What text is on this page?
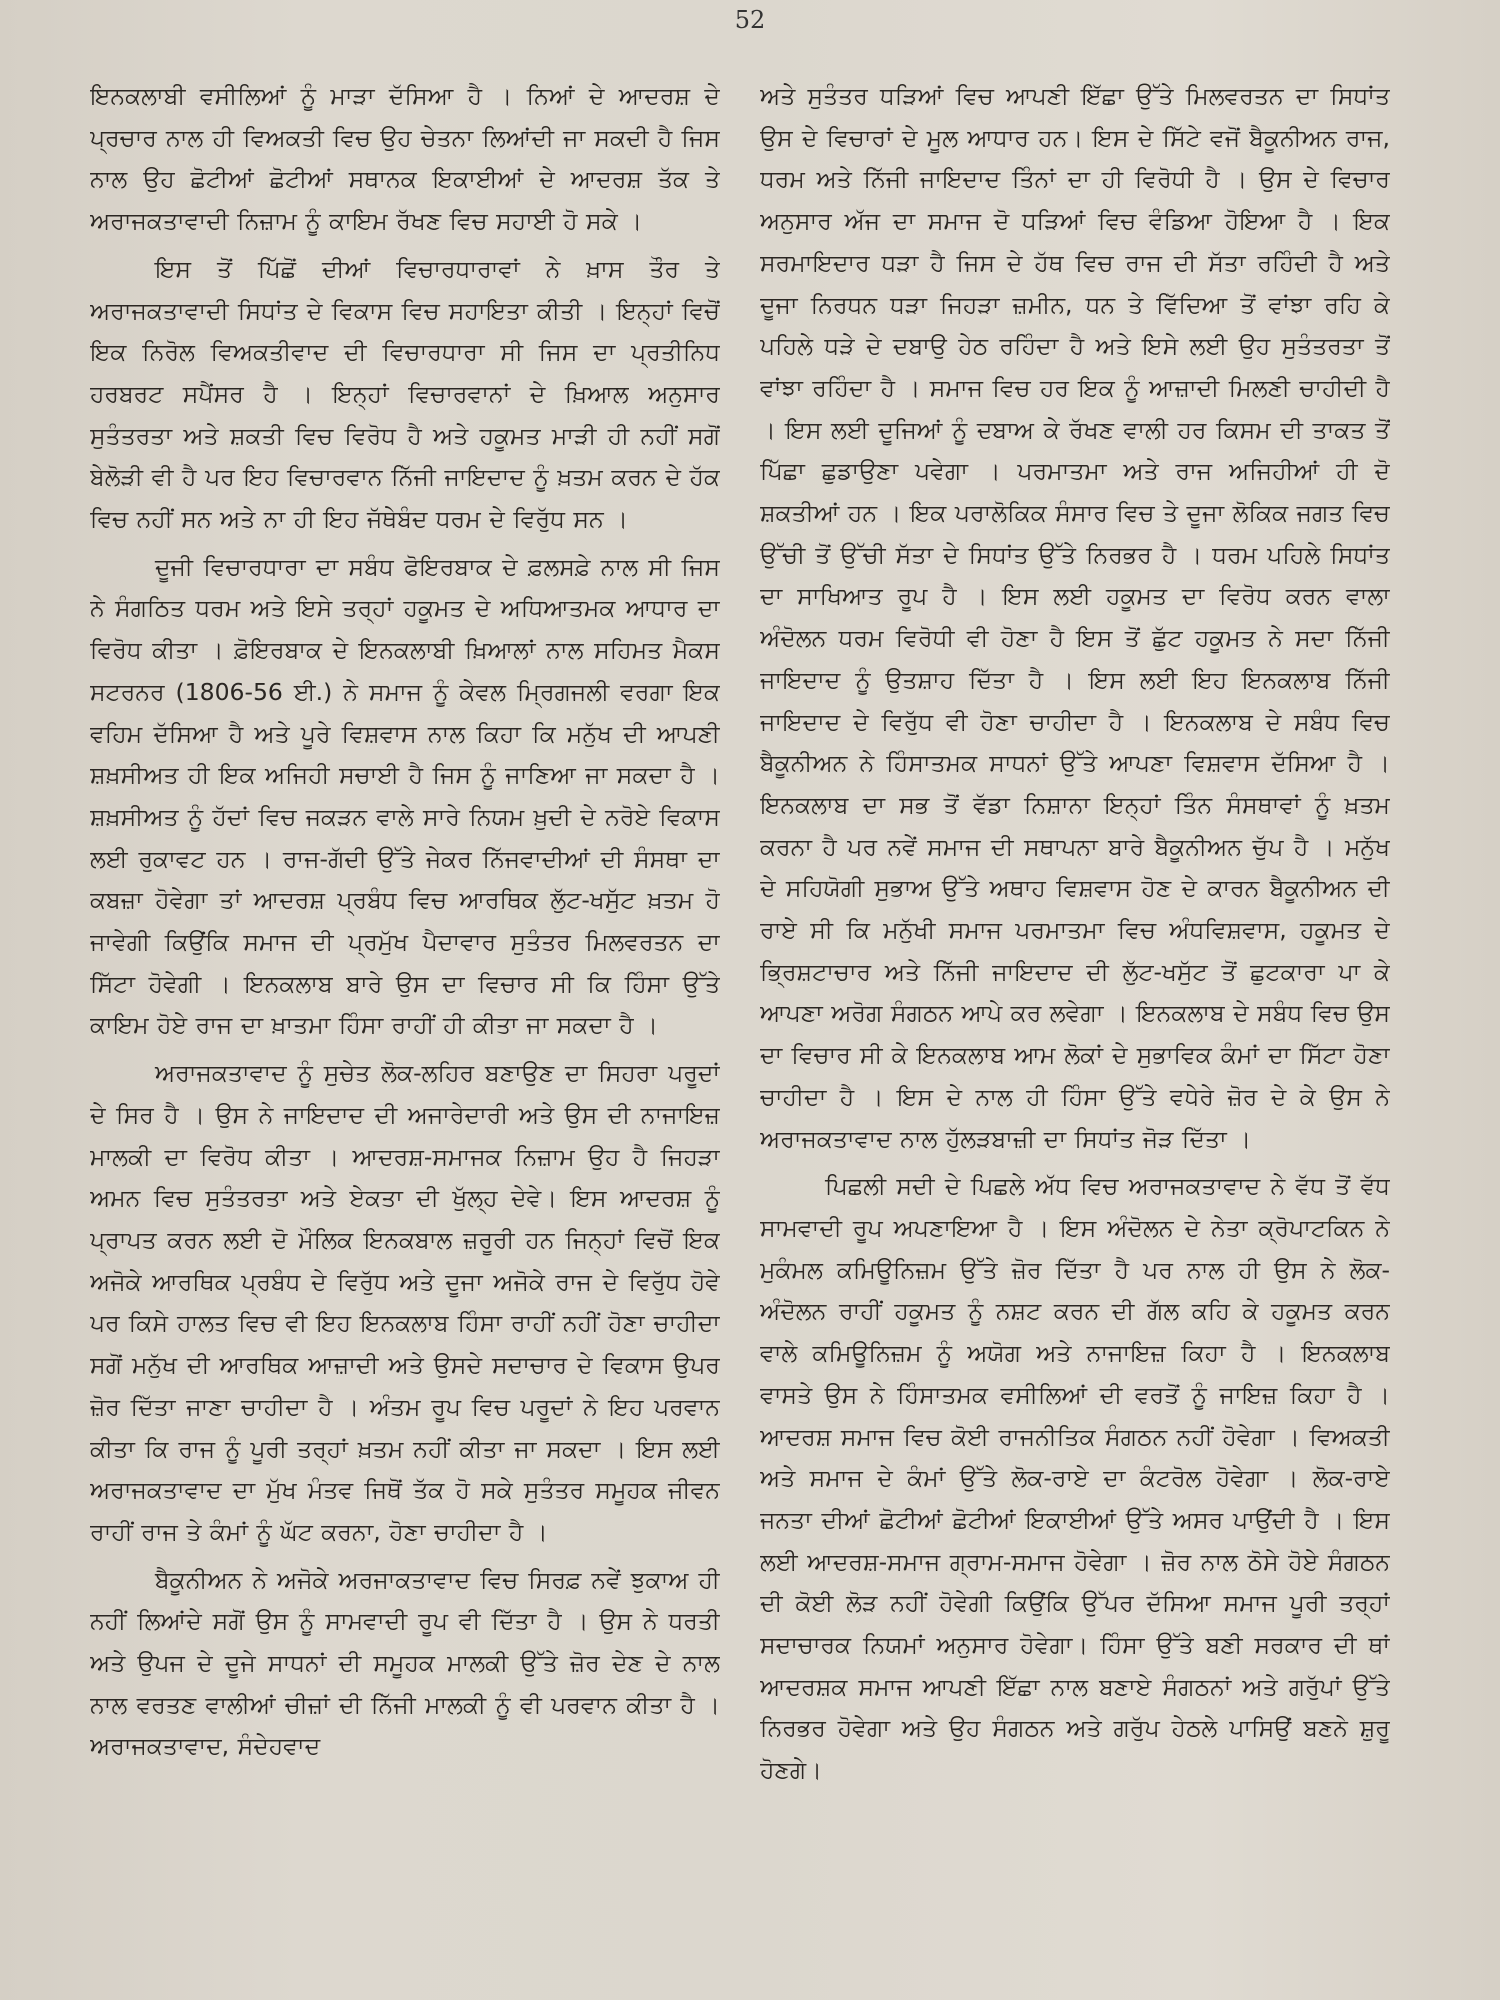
52

ਇਨਕਲਾਬੀ ਵਸੀਲਿਆਂ ਨੂੰ ਮਾੜਾ ਦੱਸਿਆ ਹੈ । ਨਿਆਂ ਦੇ ਆਦਰਸ਼ ਦੇ ਪ੍ਰਚਾਰ ਨਾਲ ਹੀ ਵਿਅਕਤੀ ਵਿਚ ਉਹ ਚੇਤਨਾ ਲਿਆਂਦੀ ਜਾ ਸਕਦੀ ਹੈ ਜਿਸ ਨਾਲ ਉਹ ਛੋਟੀਆਂ ਛੋਟੀਆਂ ਸਥਾਨਕ ਇਕਾਈਆਂ ਦੇ ਆਦਰਸ਼ ਤੱਕ ਤੇ ਅਰਾਜਕਤਾਵਾਦੀ ਨਿਜ਼ਾਮ ਨੂੰ ਕਾਇਮ ਰੱਖਣ ਵਿਚ ਸਹਾਈ ਹੋ ਸਕੇ ।

ਇਸ ਤੋਂ ਪਿੱਛੋਂ ਦੀਆਂ ਵਿਚਾਰਧਾਰਾਵਾਂ ਨੇ ਖ਼ਾਸ ਤੌਰ ਤੇ ਅਰਾਜਕਤਾਵਾਦੀ ਸਿਧਾਂਤ ਦੇ ਵਿਕਾਸ ਵਿਚ ਸਹਾਇਤਾ ਕੀਤੀ । ਇਨ੍ਹਾਂ ਵਿਚੋਂ ਇਕ ਨਿਰੋਲ ਵਿਅਕਤੀਵਾਦ ਦੀ ਵਿਚਾਰਧਾਰਾ ਸੀ ਜਿਸ ਦਾ ਪ੍ਰਤੀਨਿਧ ਹਰਬਰਟ ਸਪੈਂਸਰ ਹੈ । ਇਨ੍ਹਾਂ ਵਿਚਾਰਵਾਨਾਂ ਦੇ ਖ਼ਿਆਲ ਅਨੁਸਾਰ ਸੁਤੰਤਰਤਾ ਅਤੇ ਸ਼ਕਤੀ ਵਿਚ ਵਿਰੋਧ ਹੈ ਅਤੇ ਹਕੂਮਤ ਮਾੜੀ ਹੀ ਨਹੀਂ ਸਗੋਂ ਬੇਲੋੜੀ ਵੀ ਹੈ ਪਰ ਇਹ ਵਿਚਾਰਵਾਨ ਨਿੱਜੀ ਜਾਇਦਾਦ ਨੂੰ ਖ਼ਤਮ ਕਰਨ ਦੇ ਹੱਕ ਵਿਚ ਨਹੀਂ ਸਨ ਅਤੇ ਨਾ ਹੀ ਇਹ ਜੱਥੇਬੰਦ ਧਰਮ ਦੇ ਵਿਰੁੱਧ ਸਨ ।

ਦੂਜੀ ਵਿਚਾਰਧਾਰਾ ਦਾ ਸਬੰਧ ਫੋਇਰਬਾਕ ਦੇ ਫ਼ਲਸਫ਼ੇ ਨਾਲ ਸੀ ਜਿਸ ਨੇ ਸੰਗਠਿਤ ਧਰਮ ਅਤੇ ਇਸੇ ਤਰ੍ਹਾਂ ਹਕੂਮਤ ਦੇ ਅਧਿਆਤਮਕ ਆਧਾਰ ਦਾ ਵਿਰੋਧ ਕੀਤਾ । ਫ਼ੋਇਰਬਾਕ ਦੇ ਇਨਕਲਾਬੀ ਖ਼ਿਆਲਾਂ ਨਾਲ ਸਹਿਮਤ ਮੈਕਸ ਸਟਰਨਰ (1806-56 ਈ.) ਨੇ ਸਮਾਜ ਨੂੰ ਕੇਵਲ ਮ੍ਰਿਗਜਲੀ ਵਰਗਾ ਇਕ ਵਹਿਮ ਦੱਸਿਆ ਹੈ ਅਤੇ ਪੂਰੇ ਵਿਸ਼ਵਾਸ ਨਾਲ ਕਿਹਾ ਕਿ ਮਨੁੱਖ ਦੀ ਆਪਣੀ ਸ਼ਖ਼ਸੀਅਤ ਹੀ ਇਕ ਅਜਿਹੀ ਸਚਾਈ ਹੈ ਜਿਸ ਨੂੰ ਜਾਣਿਆ ਜਾ ਸਕਦਾ ਹੈ । ਸ਼ਖ਼ਸੀਅਤ ਨੂੰ ਹੱਦਾਂ ਵਿਚ ਜਕੜਨ ਵਾਲੇ ਸਾਰੇ ਨਿਯਮ ਖ਼ੁਦੀ ਦੇ ਨਰੋਏ ਵਿਕਾਸ ਲਈ ਰੁਕਾਵਟ ਹਨ । ਰਾਜ-ਗੱਦੀ ਉੱਤੇ ਜੇਕਰ ਨਿੱਜਵਾਦੀਆਂ ਦੀ ਸੰਸਥਾ ਦਾ ਕਬਜ਼ਾ ਹੋਵੇਗਾ ਤਾਂ ਆਦਰਸ਼ ਪ੍ਰਬੰਧ ਵਿਚ ਆਰਥਿਕ ਲੁੱਟ-ਖਸੁੱਟ ਖ਼ਤਮ ਹੋ ਜਾਵੇਗੀ ਕਿਉਂਕਿ ਸਮਾਜ ਦੀ ਪ੍ਰਮੁੱਖ ਪੈਦਾਵਾਰ ਸੁਤੰਤਰ ਮਿਲਵਰਤਨ ਦਾ ਸਿੱਟਾ ਹੋਵੇਗੀ । ਇਨਕਲਾਬ ਬਾਰੇ ਉਸ ਦਾ ਵਿਚਾਰ ਸੀ ਕਿ ਹਿੰਸਾ ਉੱਤੇ ਕਾਇਮ ਹੋਏ ਰਾਜ ਦਾ ਖ਼ਾਤਮਾ ਹਿੰਸਾ ਰਾਹੀਂ ਹੀ ਕੀਤਾ ਜਾ ਸਕਦਾ ਹੈ ।

ਅਰਾਜਕਤਾਵਾਦ ਨੂੰ ਸੁਚੇਤ ਲੋਕ-ਲਹਿਰ ਬਣਾਉਣ ਦਾ ਸਿਹਰਾ ਪਰੂਦਾਂ ਦੇ ਸਿਰ ਹੈ । ਉਸ ਨੇ ਜਾਇਦਾਦ ਦੀ ਅਜਾਰੇਦਾਰੀ ਅਤੇ ਉਸ ਦੀ ਨਾਜਾਇਜ਼ ਮਾਲਕੀ ਦਾ ਵਿਰੋਧ ਕੀਤਾ । ਆਦਰਸ਼-ਸਮਾਜਕ ਨਿਜ਼ਾਮ ਉਹ ਹੈ ਜਿਹੜਾ ਅਮਨ ਵਿਚ ਸੁਤੰਤਰਤਾ ਅਤੇ ਏਕਤਾ ਦੀ ਖੁੱਲ੍ਹ ਦੇਵੇ। ਇਸ ਆਦਰਸ਼ ਨੂੰ ਪ੍ਰਾਪਤ ਕਰਨ ਲਈ ਦੋ ਮੌਲਿਕ ਇਨਕਬਾਲ ਜ਼ਰੂਰੀ ਹਨ ਜਿਨ੍ਹਾਂ ਵਿਚੋਂ ਇਕ ਅਜੋਕੇ ਆਰਥਿਕ ਪ੍ਰਬੰਧ ਦੇ ਵਿਰੁੱਧ ਅਤੇ ਦੂਜਾ ਅਜੋਕੇ ਰਾਜ ਦੇ ਵਿਰੁੱਧ ਹੋਵੇ ਪਰ ਕਿਸੇ ਹਾਲਤ ਵਿਚ ਵੀ ਇਹ ਇਨਕਲਾਬ ਹਿੰਸਾ ਰਾਹੀਂ ਨਹੀਂ ਹੋਣਾ ਚਾਹੀਦਾ ਸਗੋਂ ਮਨੁੱਖ ਦੀ ਆਰਥਿਕ ਆਜ਼ਾਦੀ ਅਤੇ ਉਸਦੇ ਸਦਾਚਾਰ ਦੇ ਵਿਕਾਸ ਉਪਰ ਜ਼ੋਰ ਦਿੱਤਾ ਜਾਣਾ ਚਾਹੀਦਾ ਹੈ । ਅੰਤਮ ਰੂਪ ਵਿਚ ਪਰੂਦਾਂ ਨੇ ਇਹ ਪਰਵਾਨ ਕੀਤਾ ਕਿ ਰਾਜ ਨੂੰ ਪੂਰੀ ਤਰ੍ਹਾਂ ਖ਼ਤਮ ਨਹੀਂ ਕੀਤਾ ਜਾ ਸਕਦਾ । ਇਸ ਲਈ ਅਰਾਜਕਤਾਵਾਦ ਦਾ ਮੁੱਖ ਮੰਤਵ ਜਿਥੋਂ ਤੱਕ ਹੋ ਸਕੇ ਸੁਤੰਤਰ ਸਮੂਹਕ ਜੀਵਨ ਰਾਹੀਂ ਰਾਜ ਤੇ ਕੰਮਾਂ ਨੂੰ ਘੱਟ ਕਰਨਾ, ਹੋਣਾ ਚਾਹੀਦਾ ਹੈ ।

ਬੈਕੂਨੀਅਨ ਨੇ ਅਜੋਕੇ ਅਰਜਾਕਤਾਵਾਦ ਵਿਚ ਸਿਰਫ਼ ਨਵੇਂ ਝੁਕਾਅ ਹੀ ਨਹੀਂ ਲਿਆਂਦੇ ਸਗੋਂ ਉਸ ਨੂੰ ਸਾਮਵਾਦੀ ਰੂਪ ਵੀ ਦਿੱਤਾ ਹੈ । ਉਸ ਨੇ ਧਰਤੀ ਅਤੇ ਉਪਜ ਦੇ ਦੂਜੇ ਸਾਧਨਾਂ ਦੀ ਸਮੂਹਕ ਮਾਲਕੀ ਉੱਤੇ ਜ਼ੋਰ ਦੇਣ ਦੇ ਨਾਲ ਨਾਲ ਵਰਤਣ ਵਾਲੀਆਂ ਚੀਜ਼ਾਂ ਦੀ ਨਿੱਜੀ ਮਾਲਕੀ ਨੂੰ ਵੀ ਪਰਵਾਨ ਕੀਤਾ ਹੈ । ਅਰਾਜਕਤਾਵਾਦ, ਸੰਦੇਹਵਾਦ

ਅਤੇ ਸੁਤੰਤਰ ਧੜਿਆਂ ਵਿਚ ਆਪਣੀ ਇੱਛਾ ਉੱਤੇ ਮਿਲਵਰਤਨ ਦਾ ਸਿਧਾਂਤ ਉਸ ਦੇ ਵਿਚਾਰਾਂ ਦੇ ਮੂਲ ਆਧਾਰ ਹਨ। ਇਸ ਦੇ ਸਿੱਟੇ ਵਜੋਂ ਬੈਕੂਨੀਅਨ ਰਾਜ, ਧਰਮ ਅਤੇ ਨਿੱਜੀ ਜਾਇਦਾਦ ਤਿੰਨਾਂ ਦਾ ਹੀ ਵਿਰੋਧੀ ਹੈ । ਉਸ ਦੇ ਵਿਚਾਰ ਅਨੁਸਾਰ ਅੱਜ ਦਾ ਸਮਾਜ ਦੋ ਧੜਿਆਂ ਵਿਚ ਵੰਡਿਆ ਹੋਇਆ ਹੈ । ਇਕ ਸਰਮਾਇਦਾਰ ਧੜਾ ਹੈ ਜਿਸ ਦੇ ਹੱਥ ਵਿਚ ਰਾਜ ਦੀ ਸੱਤਾ ਰਹਿੰਦੀ ਹੈ ਅਤੇ ਦੂਜਾ ਨਿਰਧਨ ਧੜਾ ਜਿਹੜਾ ਜ਼ਮੀਨ, ਧਨ ਤੇ ਵਿੱਦਿਆ ਤੋਂ ਵਾਂਝਾ ਰਹਿ ਕੇ ਪਹਿਲੇ ਧੜੇ ਦੇ ਦਬਾਉ ਹੇਠ ਰਹਿੰਦਾ ਹੈ ਅਤੇ ਇਸੇ ਲਈ ਉਹ ਸੁਤੰਤਰਤਾ ਤੋਂ ਵਾਂਝਾ ਰਹਿੰਦਾ ਹੈ । ਸਮਾਜ ਵਿਚ ਹਰ ਇਕ ਨੂੰ ਆਜ਼ਾਦੀ ਮਿਲਣੀ ਚਾਹੀਦੀ ਹੈ । ਇਸ ਲਈ ਦੂਜਿਆਂ ਨੂੰ ਦਬਾਅ ਕੇ ਰੱਖਣ ਵਾਲੀ ਹਰ ਕਿਸਮ ਦੀ ਤਾਕਤ ਤੋਂ ਪਿੱਛਾ ਛੁਡਾਉਣਾ ਪਵੇਗਾ । ਪਰਮਾਤਮਾ ਅਤੇ ਰਾਜ ਅਜਿਹੀਆਂ ਹੀ ਦੋ ਸ਼ਕਤੀਆਂ ਹਨ । ਇਕ ਪਰਾਲੋਕਿਕ ਸੰਸਾਰ ਵਿਚ ਤੇ ਦੂਜਾ ਲੋਕਿਕ ਜਗਤ ਵਿਚ ਉੱਚੀ ਤੋਂ ਉੱਚੀ ਸੱਤਾ ਦੇ ਸਿਧਾਂਤ ਉੱਤੇ ਨਿਰਭਰ ਹੈ । ਧਰਮ ਪਹਿਲੇ ਸਿਧਾਂਤ ਦਾ ਸਾਖਿਆਤ ਰੂਪ ਹੈ । ਇਸ ਲਈ ਹਕੂਮਤ ਦਾ ਵਿਰੋਧ ਕਰਨ ਵਾਲਾ ਅੰਦੋਲਨ ਧਰਮ ਵਿਰੋਧੀ ਵੀ ਹੋਣਾ ਹੈ ਇਸ ਤੋਂ ਛੁੱਟ ਹਕੂਮਤ ਨੇ ਸਦਾ ਨਿੱਜੀ ਜਾਇਦਾਦ ਨੂੰ ਉਤਸ਼ਾਹ ਦਿੱਤਾ ਹੈ । ਇਸ ਲਈ ਇਹ ਇਨਕਲਾਬ ਨਿੱਜੀ ਜਾਇਦਾਦ ਦੇ ਵਿਰੁੱਧ ਵੀ ਹੋਣਾ ਚਾਹੀਦਾ ਹੈ । ਇਨਕਲਾਬ ਦੇ ਸਬੰਧ ਵਿਚ ਬੈਕੂਨੀਅਨ ਨੇ ਹਿੰਸਾਤਮਕ ਸਾਧਨਾਂ ਉੱਤੇ ਆਪਣਾ ਵਿਸ਼ਵਾਸ ਦੱਸਿਆ ਹੈ । ਇਨਕਲਾਬ ਦਾ ਸਭ ਤੋਂ ਵੱਡਾ ਨਿਸ਼ਾਨਾ ਇਨ੍ਹਾਂ ਤਿੰਨ ਸੰਸਥਾਵਾਂ ਨੂੰ ਖ਼ਤਮ ਕਰਨਾ ਹੈ ਪਰ ਨਵੇਂ ਸਮਾਜ ਦੀ ਸਥਾਪਨਾ ਬਾਰੇ ਬੈਕੂਨੀਅਨ ਚੁੱਪ ਹੈ । ਮਨੁੱਖ ਦੇ ਸਹਿਯੋਗੀ ਸੁਭਾਅ ਉੱਤੇ ਅਥਾਹ ਵਿਸ਼ਵਾਸ ਹੋਣ ਦੇ ਕਾਰਨ ਬੈਕੂਨੀਅਨ ਦੀ ਰਾਏ ਸੀ ਕਿ ਮਨੁੱਖੀ ਸਮਾਜ ਪਰਮਾਤਮਾ ਵਿਚ ਅੰਧਵਿਸ਼ਵਾਸ, ਹਕੂਮਤ ਦੇ ਭ੍ਰਿਸ਼ਟਾਚਾਰ ਅਤੇ ਨਿੱਜੀ ਜਾਇਦਾਦ ਦੀ ਲੁੱਟ-ਖਸੁੱਟ ਤੋਂ ਛੁਟਕਾਰਾ ਪਾ ਕੇ ਆਪਣਾ ਅਰੋਗ ਸੰਗਠਨ ਆਪੇ ਕਰ ਲਵੇਗਾ । ਇਨਕਲਾਬ ਦੇ ਸਬੰਧ ਵਿਚ ਉਸ ਦਾ ਵਿਚਾਰ ਸੀ ਕੇ ਇਨਕਲਾਬ ਆਮ ਲੋਕਾਂ ਦੇ ਸੁਭਾਵਿਕ ਕੰਮਾਂ ਦਾ ਸਿੱਟਾ ਹੋਣਾ ਚਾਹੀਦਾ ਹੈ । ਇਸ ਦੇ ਨਾਲ ਹੀ ਹਿੰਸਾ ਉੱਤੇ ਵਧੇਰੇ ਜ਼ੋਰ ਦੇ ਕੇ ਉਸ ਨੇ ਅਰਾਜਕਤਾਵਾਦ ਨਾਲ ਹੁੱਲੜਬਾਜ਼ੀ ਦਾ ਸਿਧਾਂਤ ਜੋੜ ਦਿੱਤਾ ।

ਪਿਛਲੀ ਸਦੀ ਦੇ ਪਿਛਲੇ ਅੱਧ ਵਿਚ ਅਰਾਜਕਤਾਵਾਦ ਨੇ ਵੱਧ ਤੋਂ ਵੱਧ ਸਾਮਵਾਦੀ ਰੂਪ ਅਪਣਾਇਆ ਹੈ । ਇਸ ਅੰਦੋਲਨ ਦੇ ਨੇਤਾ ਕ੍ਰੋਪਾਟਕਿਨ ਨੇ ਮੁਕੰਮਲ ਕਮਿਊਨਿਜ਼ਮ ਉੱਤੇ ਜ਼ੋਰ ਦਿੱਤਾ ਹੈ ਪਰ ਨਾਲ ਹੀ ਉਸ ਨੇ ਲੋਕ-ਅੰਦੋਲਨ ਰਾਹੀਂ ਹਕੂਮਤ ਨੂੰ ਨਸ਼ਟ ਕਰਨ ਦੀ ਗੱਲ ਕਹਿ ਕੇ ਹਕੂਮਤ ਕਰਨ ਵਾਲੇ ਕਮਿਊਨਿਜ਼ਮ ਨੂੰ ਅਯੋਗ ਅਤੇ ਨਾਜਾਇਜ਼ ਕਿਹਾ ਹੈ । ਇਨਕਲਾਬ ਵਾਸਤੇ ਉਸ ਨੇ ਹਿੰਸਾਤਮਕ ਵਸੀਲਿਆਂ ਦੀ ਵਰਤੋਂ ਨੂੰ ਜਾਇਜ਼ ਕਿਹਾ ਹੈ । ਆਦਰਸ਼ ਸਮਾਜ ਵਿਚ ਕੋਈ ਰਾਜਨੀਤਿਕ ਸੰਗਠਨ ਨਹੀਂ ਹੋਵੇਗਾ । ਵਿਅਕਤੀ ਅਤੇ ਸਮਾਜ ਦੇ ਕੰਮਾਂ ਉੱਤੇ ਲੋਕ-ਰਾਏ ਦਾ ਕੰਟਰੋਲ ਹੋਵੇਗਾ । ਲੋਕ-ਰਾਏ ਜਨਤਾ ਦੀਆਂ ਛੋਟੀਆਂ ਛੋਟੀਆਂ ਇਕਾਈਆਂ ਉੱਤੇ ਅਸਰ ਪਾਉਂਦੀ ਹੈ । ਇਸ ਲਈ ਆਦਰਸ਼-ਸਮਾਜ ਗ੍ਰਾਮ-ਸਮਾਜ ਹੋਵੇਗਾ । ਜ਼ੋਰ ਨਾਲ ਠੋਸੇ ਹੋਏ ਸੰਗਠਨ ਦੀ ਕੋਈ ਲੋੜ ਨਹੀਂ ਹੋਵੇਗੀ ਕਿਉਂਕਿ ਉੱਪਰ ਦੱਸਿਆ ਸਮਾਜ ਪੂਰੀ ਤਰ੍ਹਾਂ ਸਦਾਚਾਰਕ ਨਿਯਮਾਂ ਅਨੁਸਾਰ ਹੋਵੇਗਾ। ਹਿੰਸਾ ਉੱਤੇ ਬਣੀ ਸਰਕਾਰ ਦੀ ਥਾਂ ਆਦਰਸ਼ਕ ਸਮਾਜ ਆਪਣੀ ਇੱਛਾ ਨਾਲ ਬਣਾਏ ਸੰਗਠਨਾਂ ਅਤੇ ਗਰੁੱਪਾਂ ਉੱਤੇ ਨਿਰਭਰ ਹੋਵੇਗਾ ਅਤੇ ਉਹ ਸੰਗਠਨ ਅਤੇ ਗਰੁੱਪ ਹੇਠਲੇ ਪਾਸਿਉਂ ਬਣਨੇ ਸ਼ੁਰੂ ਹੋਣਗੇ।
